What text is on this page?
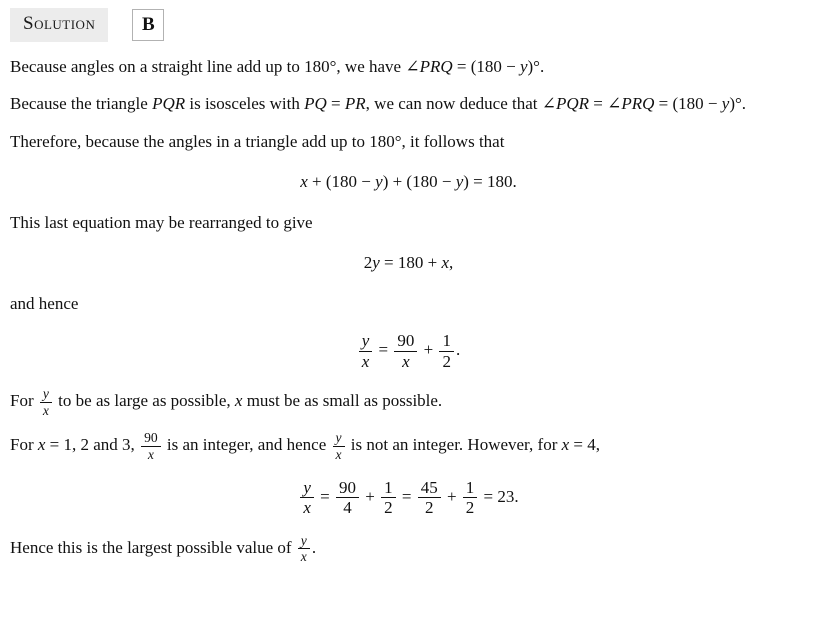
Solution	B

Because angles on a straight line add up to 180°, we have ∠PRQ = (180 − y)°.

Because the triangle PQR is isosceles with PQ = PR, we can now deduce that ∠PQR = ∠PRQ = (180 − y)°.

Therefore, because the angles in a triangle add up to 180°, it follows that

x + (180 − y) + (180 − y) = 180.

This last equation may be rearranged to give

2y = 180 + x,

and hence

$\frac{y}{x} = \frac{90}{x} + \frac{1}{2}$ .

For $\frac{y}{x}$ to be as large as possible, x must be as small as possible.

For x = 1, 2 and 3, $\frac{90}{x}$ is an integer, and hence $\frac{y}{x}$ is not an integer. However, for x = 4,

$\frac{y}{x} = \frac{90}{4} + \frac{1}{2} = \frac{45}{2} + \frac{1}{2} = 23$.

Hence this is the largest possible value of $\frac{y}{x}$ .
